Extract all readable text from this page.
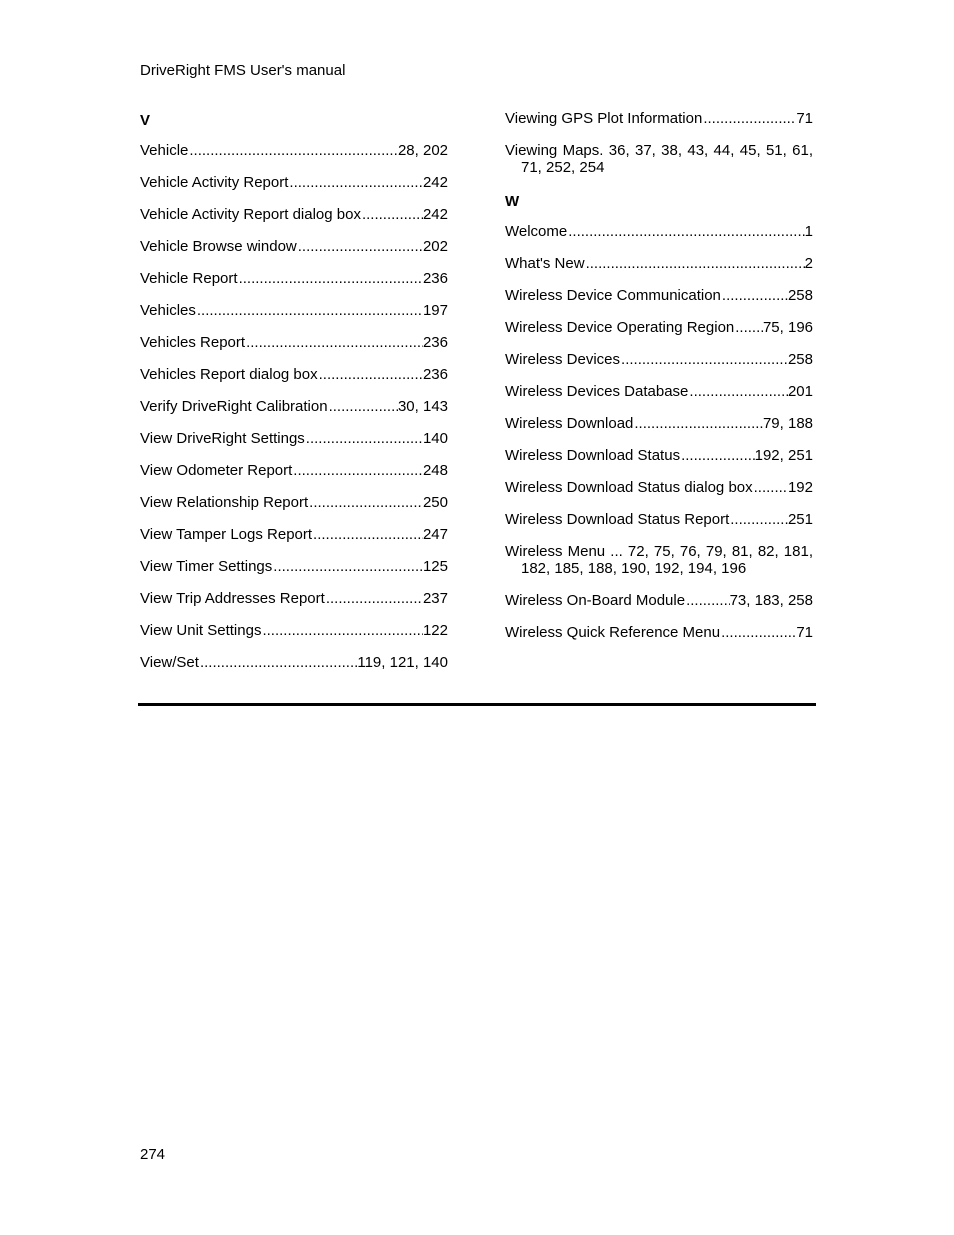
DriveRight FMS User's manual
V
Vehicle .....	28, 202
Vehicle Activity Report .....	242
Vehicle Activity Report dialog box .....	242
Vehicle Browse window .....	202
Vehicle Report .....	236
Vehicles .....	197
Vehicles Report .....	236
Vehicles Report dialog box .....	236
Verify DriveRight Calibration .....	30, 143
View DriveRight Settings .....	140
View Odometer Report .....	248
View Relationship Report .....	250
View Tamper Logs Report .....	247
View Timer Settings .....	125
View Trip Addresses Report .....	237
View Unit Settings .....	122
View/Set .....	119, 121, 140
Viewing GPS Plot Information .....	71
Viewing Maps. 36, 37, 38, 43, 44, 45, 51, 61, 71, 252, 254
W
Welcome .....	1
What's New .....	2
Wireless Device Communication .....	258
Wireless Device Operating Region ..... 75, 196
Wireless Devices .....	258
Wireless Devices Database .....	201
Wireless Download .....	79, 188
Wireless Download Status .....	192, 251
Wireless Download Status dialog box ..... 192
Wireless Download Status Report .....	251
Wireless Menu ... 72, 75, 76, 79, 81, 82, 181, 182, 185, 188, 190, 192, 194, 196
Wireless On-Board Module .....	73, 183, 258
Wireless Quick Reference Menu .....	71
274
